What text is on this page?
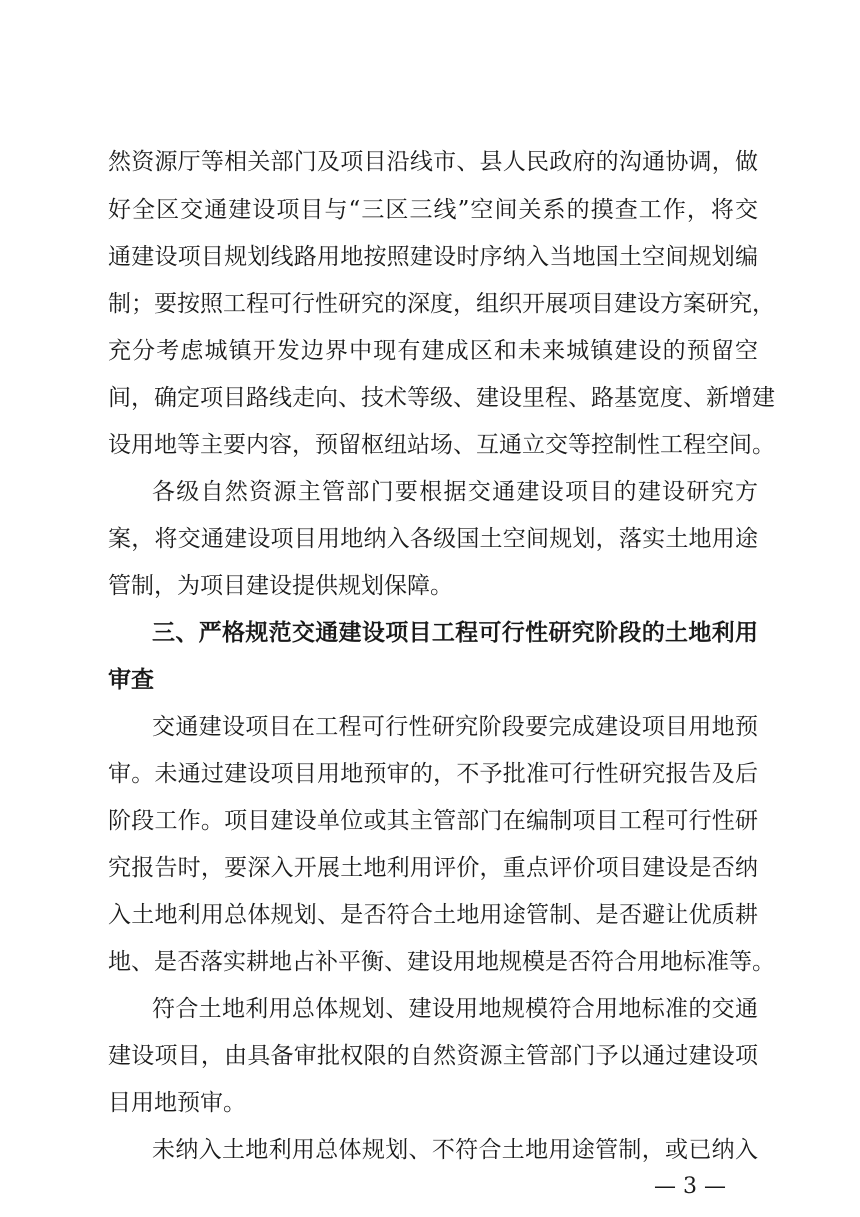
然资源厅等相关部门及项目沿线市、县人民政府的沟通协调，做
好全区交通建设项目与“三区三线”空间关系的摸查工作，将交
通建设项目规划线路用地按照建设时序纳入当地国土空间规划编
制；要按照工程可行性研究的深度，组织开展项目建设方案研究，
充分考虑城镇开发边界中现有建成区和未来城镇建设的预留空
间，确定项目路线走向、技术等级、建设里程、路基宽度、新增建
设用地等主要内容，预留枢纽站场、互通立交等控制性工程空间。
各级自然资源主管部门要根据交通建设项目的建设研究方
案，将交通建设项目用地纳入各级国土空间规划，落实土地用途
管制，为项目建设提供规划保障。
三、严格规范交通建设项目工程可行性研究阶段的土地利用
审查
交通建设项目在工程可行性研究阶段要完成建设项目用地预
审。未通过建设项目用地预审的，不予批准可行性研究报告及后
阶段工作。项目建设单位或其主管部门在编制项目工程可行性研
究报告时，要深入开展土地利用评价，重点评价项目建设是否纳
入土地利用总体规划、是否符合土地用途管制、是否避让优质耕
地、是否落实耕地占补平衡、建设用地规模是否符合用地标准等。
符合土地利用总体规划、建设用地规模符合用地标准的交通
建设项目，由具备审批权限的自然资源主管部门予以通过建设项
目用地预审。
未纳入土地利用总体规划、不符合土地用途管制，或已纳入
— 3 —
